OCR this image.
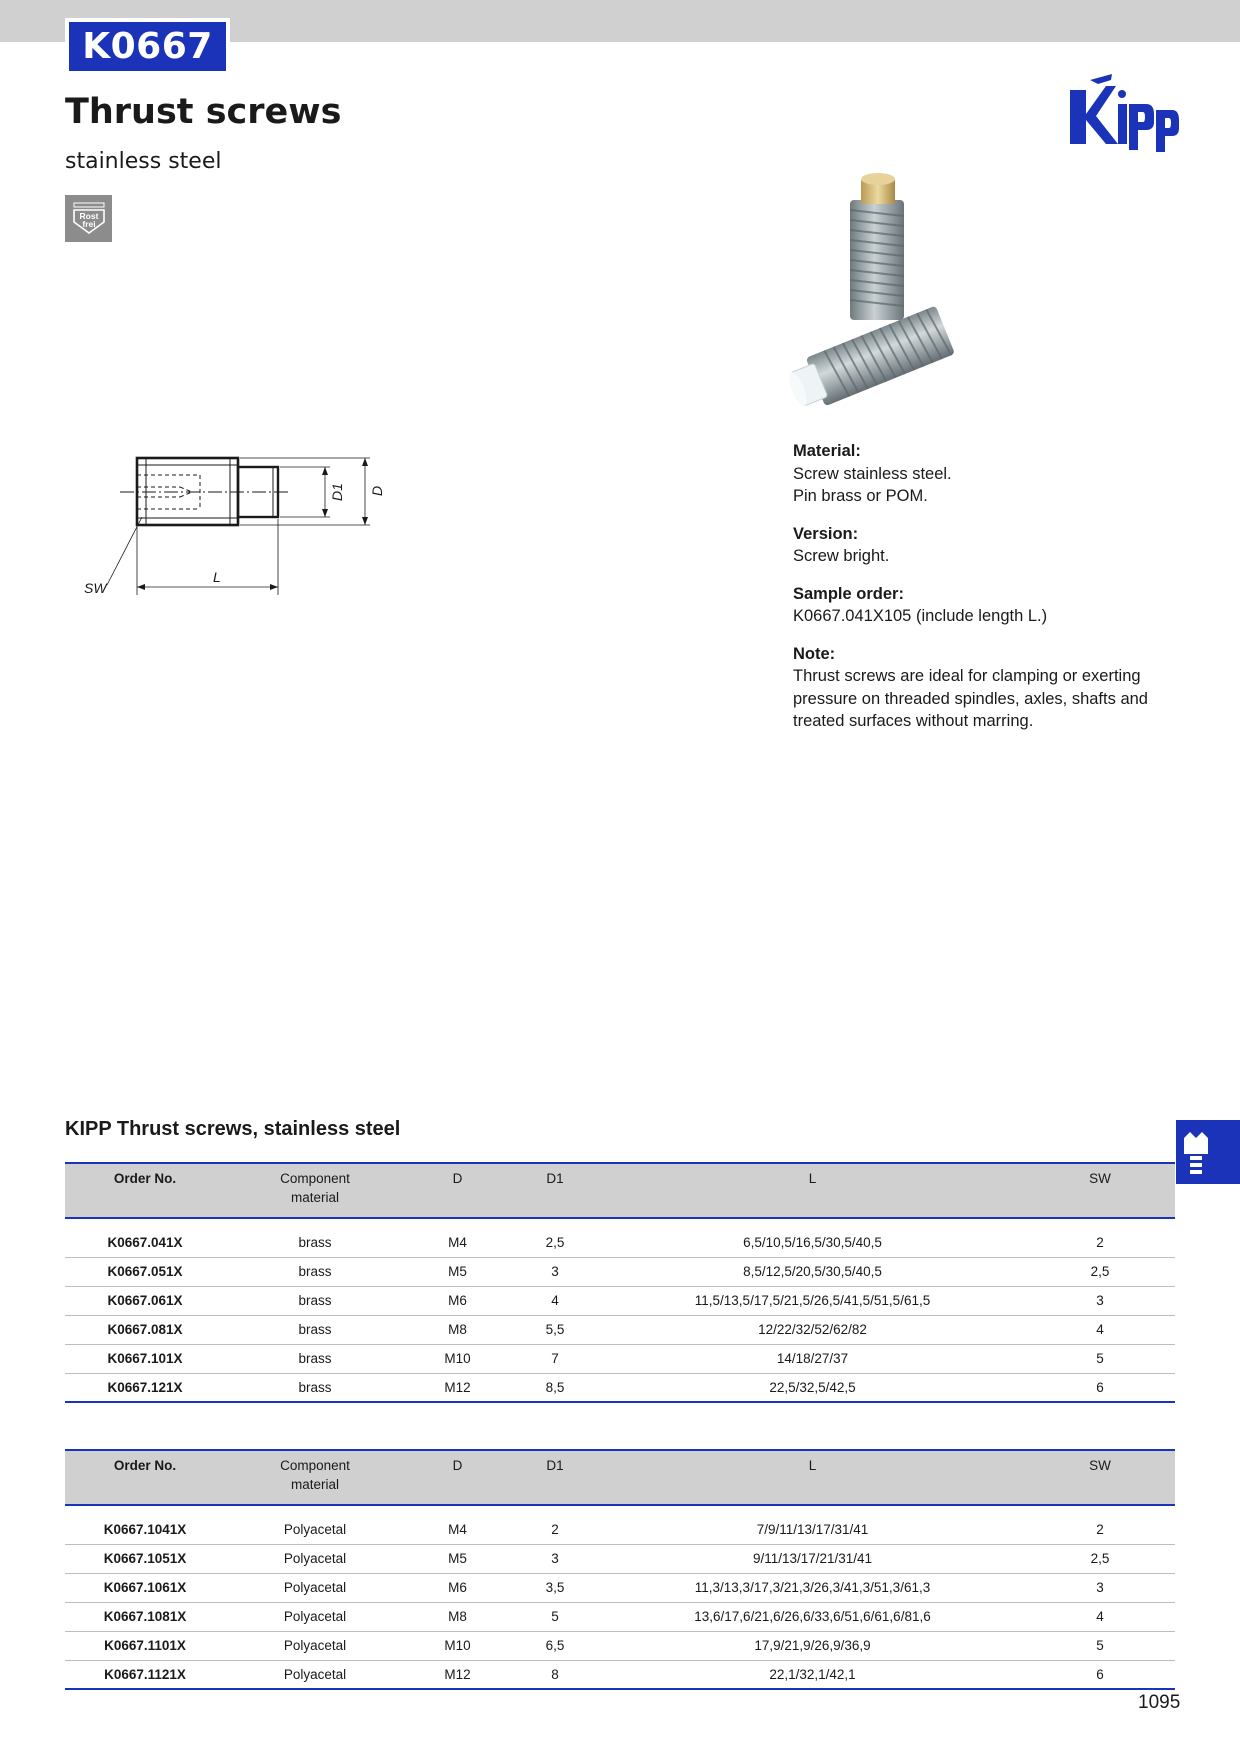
K0667
Thrust screws

stainless steel

Rost
frei
SW
L
D1 D
Material:
Screw stainless steel.
Pin brass or POM.
Version:
Screw bright.
Sample order:
K0667.041X105 (include length L.)
Note:
Thrust screws are ideal for clamping or exerting
pressure on threaded spindles, axles, shafts and
treated surfaces without marring.
KIPP Thrust screws, stainless steel
Order No.	Component
material	D	D1	L	SW
K0667.041X	brass	M4	2,5	6,5/10,5/16,5/30,5/40,5	2
K0667.051X	brass	M5	3	8,5/12,5/20,5/30,5/40,5	2,5
K0667.061X	brass	M6	4	11,5/13,5/17,5/21,5/26,5/41,5/51,5/61,5	3
K0667.081X	brass	M8	5,5	12/22/32/52/62/82	4
K0667.101X	brass	M10	7	14/18/27/37	5
K0667.121X	brass	M12	8,5	22,5/32,5/42,5	6
Order No.	Component
material	D	D1	L	SW
K0667.1041X	Polyacetal	M4	2	7/9/11/13/17/31/41	2
K0667.1051X	Polyacetal	M5	3	9/11/13/17/21/31/41	2,5
K0667.1061X	Polyacetal	M6	3,5	11,3/13,3/17,3/21,3/26,3/41,3/51,3/61,3	3
K0667.1081X	Polyacetal	M8	5	13,6/17,6/21,6/26,6/33,6/51,6/61,6/81,6	4
K0667.1101X	Polyacetal	M10	6,5	17,9/21,9/26,9/36,9	5
K0667.1121X	Polyacetal	M12	8	22,1/32,1/42,1	6
1095
